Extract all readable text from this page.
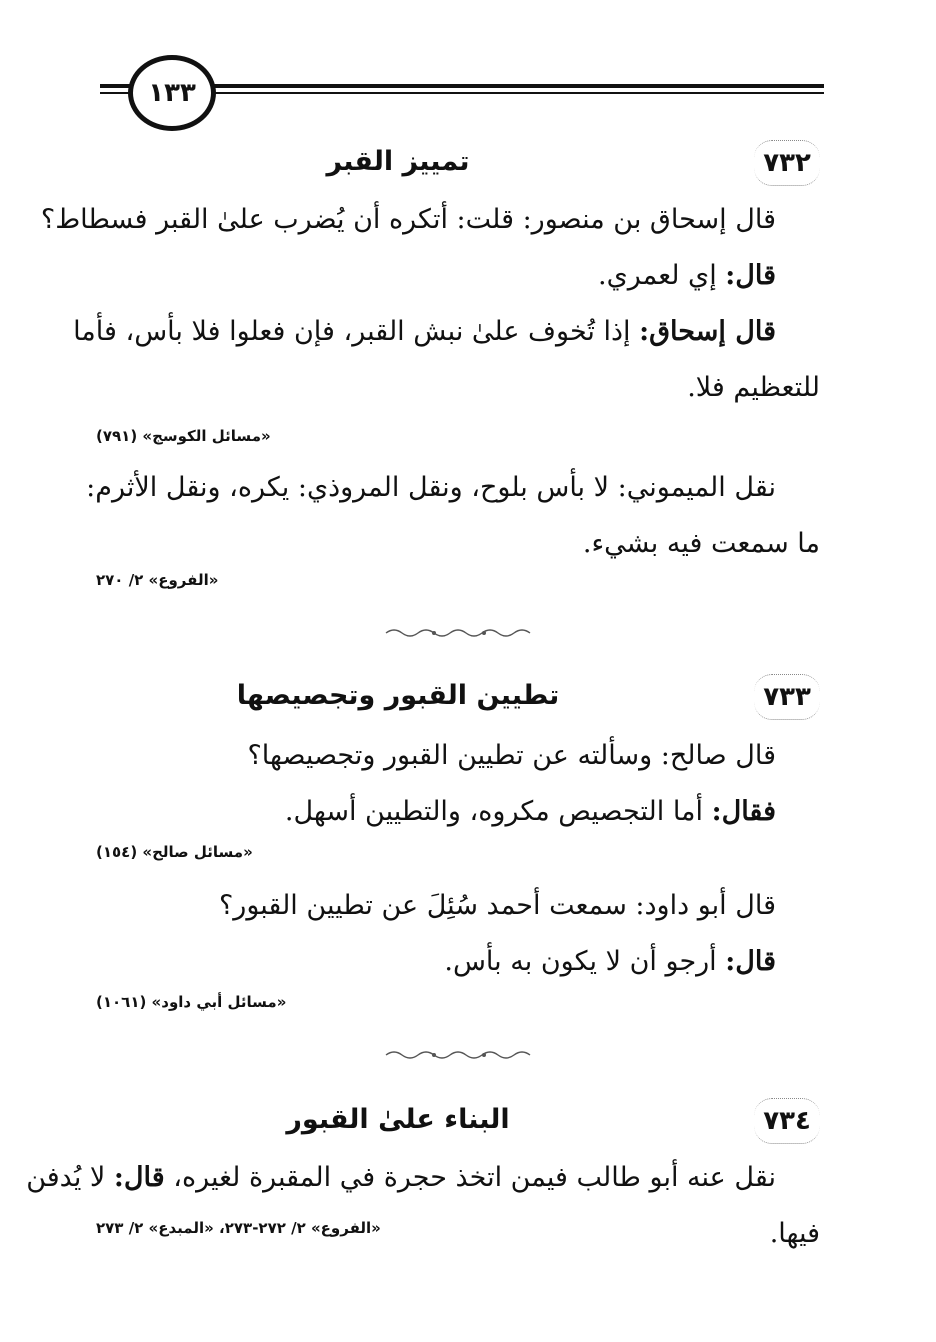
١٣٣
٧٣٢
تمييز القبر
قال إسحاق بن منصور: قلت: أتكره أن يُضرب علىٰ القبر فسطاط؟
قال: إي لعمري.
قال إسحاق: إذا تُخوف علىٰ نبش القبر، فإن فعلوا فلا بأس، فأما
للتعظيم فلا.
«مسائل الكوسج» (٧٩١)
نقل الميموني: لا بأس بلوح، ونقل المروذي: يكره، ونقل الأثرم:
ما سمعت فيه بشيء.
«الفروع» ٢/ ٢٧٠
٧٣٣
تطيين القبور وتجصيصها
قال صالح: وسألته عن تطيين القبور وتجصيصها؟
فقال: أما التجصيص مكروه، والتطيين أسهل.
«مسائل صالح» (١٥٤)
قال أبو داود: سمعت أحمد سُئِلَ عن تطيين القبور؟
قال: أرجو أن لا يكون به بأس.
«مسائل أبي داود» (١٠٦١)
٧٣٤
البناء علىٰ القبور
نقل عنه أبو طالب فيمن اتخذ حجرة في المقبرة لغيره، قال: لا يُدفن
فيها.
«الفروع» ٢/ ٢٧٢-٢٧٣، «المبدع» ٢/ ٢٧٣
